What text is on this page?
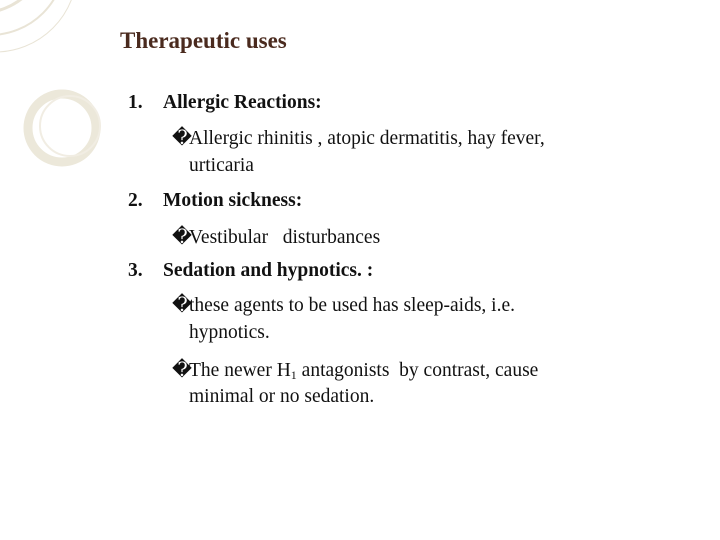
Therapeutic uses
1. Allergic Reactions:
�Allergic rhinitis , atopic dermatitis, hay fever,
urticaria
2. Motion sickness:
�Vestibular   disturbances
3. Sedation and hypnotics. :
�these agents to be used has sleep-aids, i.e.
hypnotics.
�The newer $H_1$ antagonists  by contrast, cause
minimal or no sedation.
